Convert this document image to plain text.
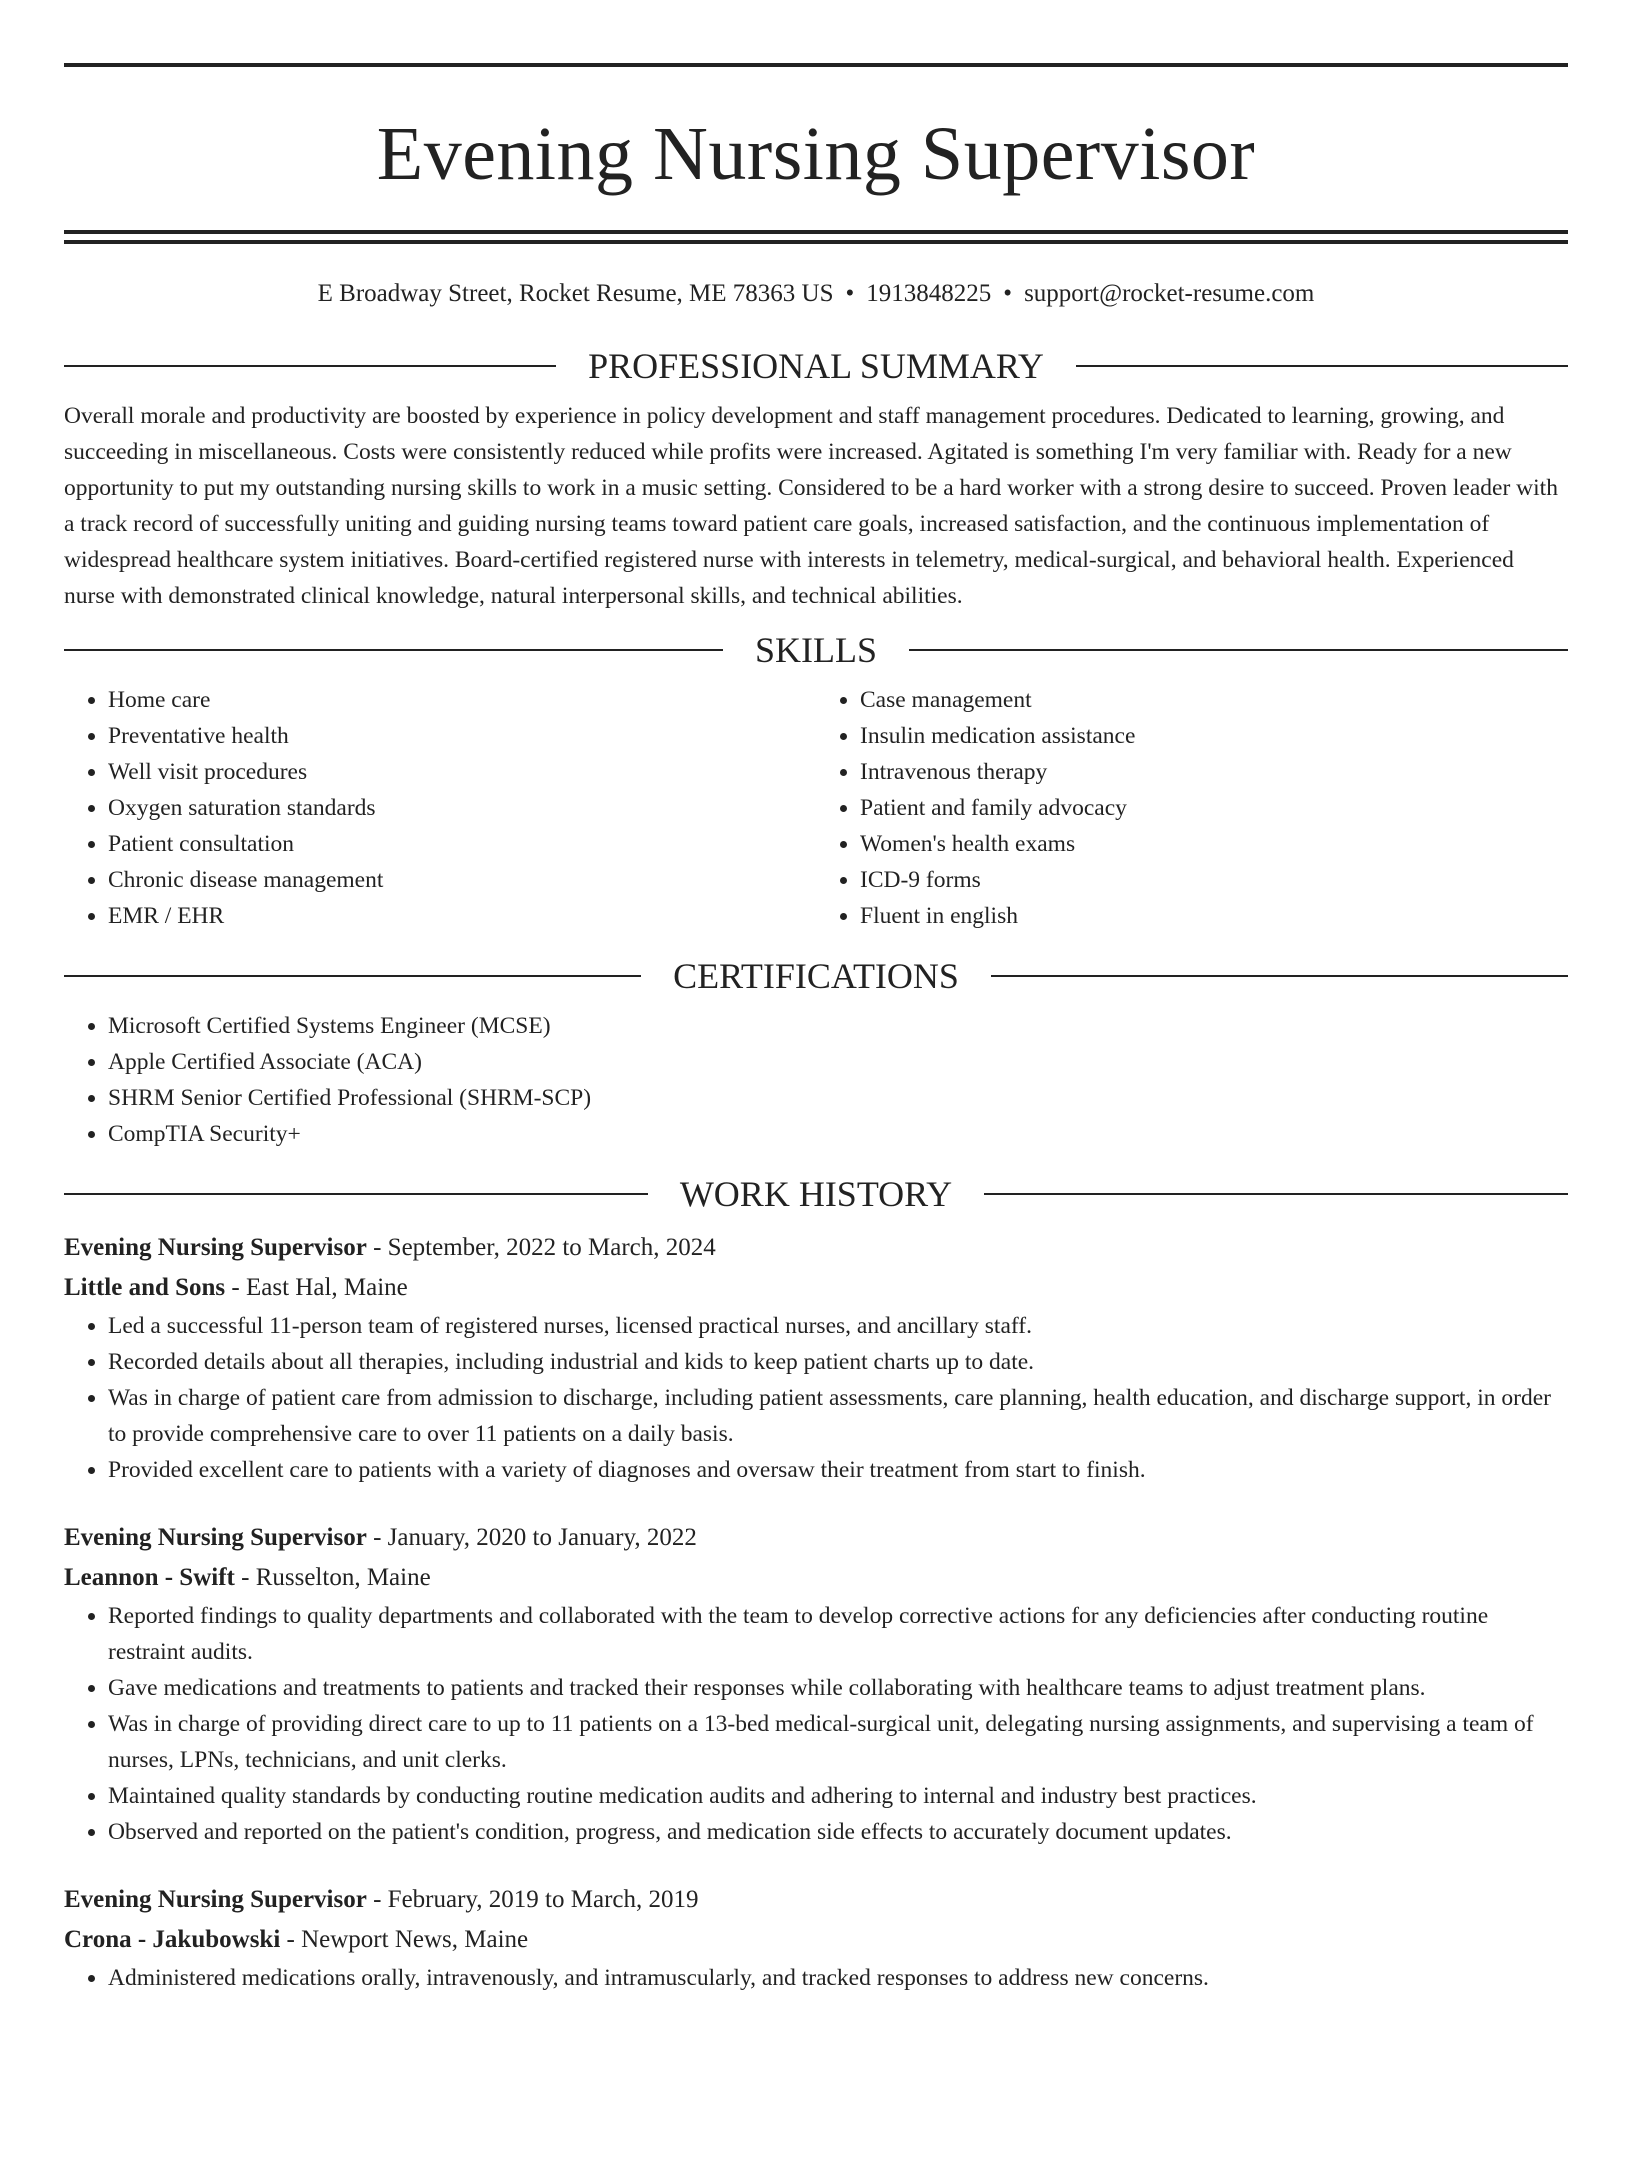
Evening Nursing Supervisor
E Broadway Street, Rocket Resume, ME 78363 US • 1913848225 • support@rocket-resume.com
PROFESSIONAL SUMMARY

Overall morale and productivity are boosted by experience in policy development and staff management procedures. Dedicated to learning, growing, and succeeding in miscellaneous. Costs were consistently reduced while profits were increased. Agitated is something I'm very familiar with. Ready for a new opportunity to put my outstanding nursing skills to work in a music setting. Considered to be a hard worker with a strong desire to succeed. Proven leader with a track record of successfully uniting and guiding nursing teams toward patient care goals, increased satisfaction, and the continuous implementation of widespread healthcare system initiatives. Board-certified registered nurse with interests in telemetry, medical-surgical, and behavioral health. Experienced nurse with demonstrated clinical knowledge, natural interpersonal skills, and technical abilities.

SKILLS
• Home care
• Preventative health
• Well visit procedures
• Oxygen saturation standards
• Patient consultation
• Chronic disease management
• EMR / EHR
• Case management
• Insulin medication assistance
• Intravenous therapy
• Patient and family advocacy
• Women's health exams
• ICD-9 forms
• Fluent in english
CERTIFICATIONS
• Microsoft Certified Systems Engineer (MCSE)
• Apple Certified Associate (ACA)
• SHRM Senior Certified Professional (SHRM-SCP)
• CompTIA Security+
WORK HISTORY
Evening Nursing Supervisor - September, 2022 to March, 2024
Little and Sons - East Hal, Maine
• Led a successful 11-person team of registered nurses, licensed practical nurses, and ancillary staff.
• Recorded details about all therapies, including industrial and kids to keep patient charts up to date.
• Was in charge of patient care from admission to discharge, including patient assessments, care planning, health education, and discharge support, in order to provide comprehensive care to over 11 patients on a daily basis.
• Provided excellent care to patients with a variety of diagnoses and oversaw their treatment from start to finish.
Evening Nursing Supervisor - January, 2020 to January, 2022
Leannon - Swift - Russelton, Maine
• Reported findings to quality departments and collaborated with the team to develop corrective actions for any deficiencies after conducting routine restraint audits.
• Gave medications and treatments to patients and tracked their responses while collaborating with healthcare teams to adjust treatment plans.
• Was in charge of providing direct care to up to 11 patients on a 13-bed medical-surgical unit, delegating nursing assignments, and supervising a team of nurses, LPNs, technicians, and unit clerks.
• Maintained quality standards by conducting routine medication audits and adhering to internal and industry best practices.
• Observed and reported on the patient's condition, progress, and medication side effects to accurately document updates.
Evening Nursing Supervisor - February, 2019 to March, 2019
Crona - Jakubowski - Newport News, Maine
• Administered medications orally, intravenously, and intramuscularly, and tracked responses to address new concerns.
